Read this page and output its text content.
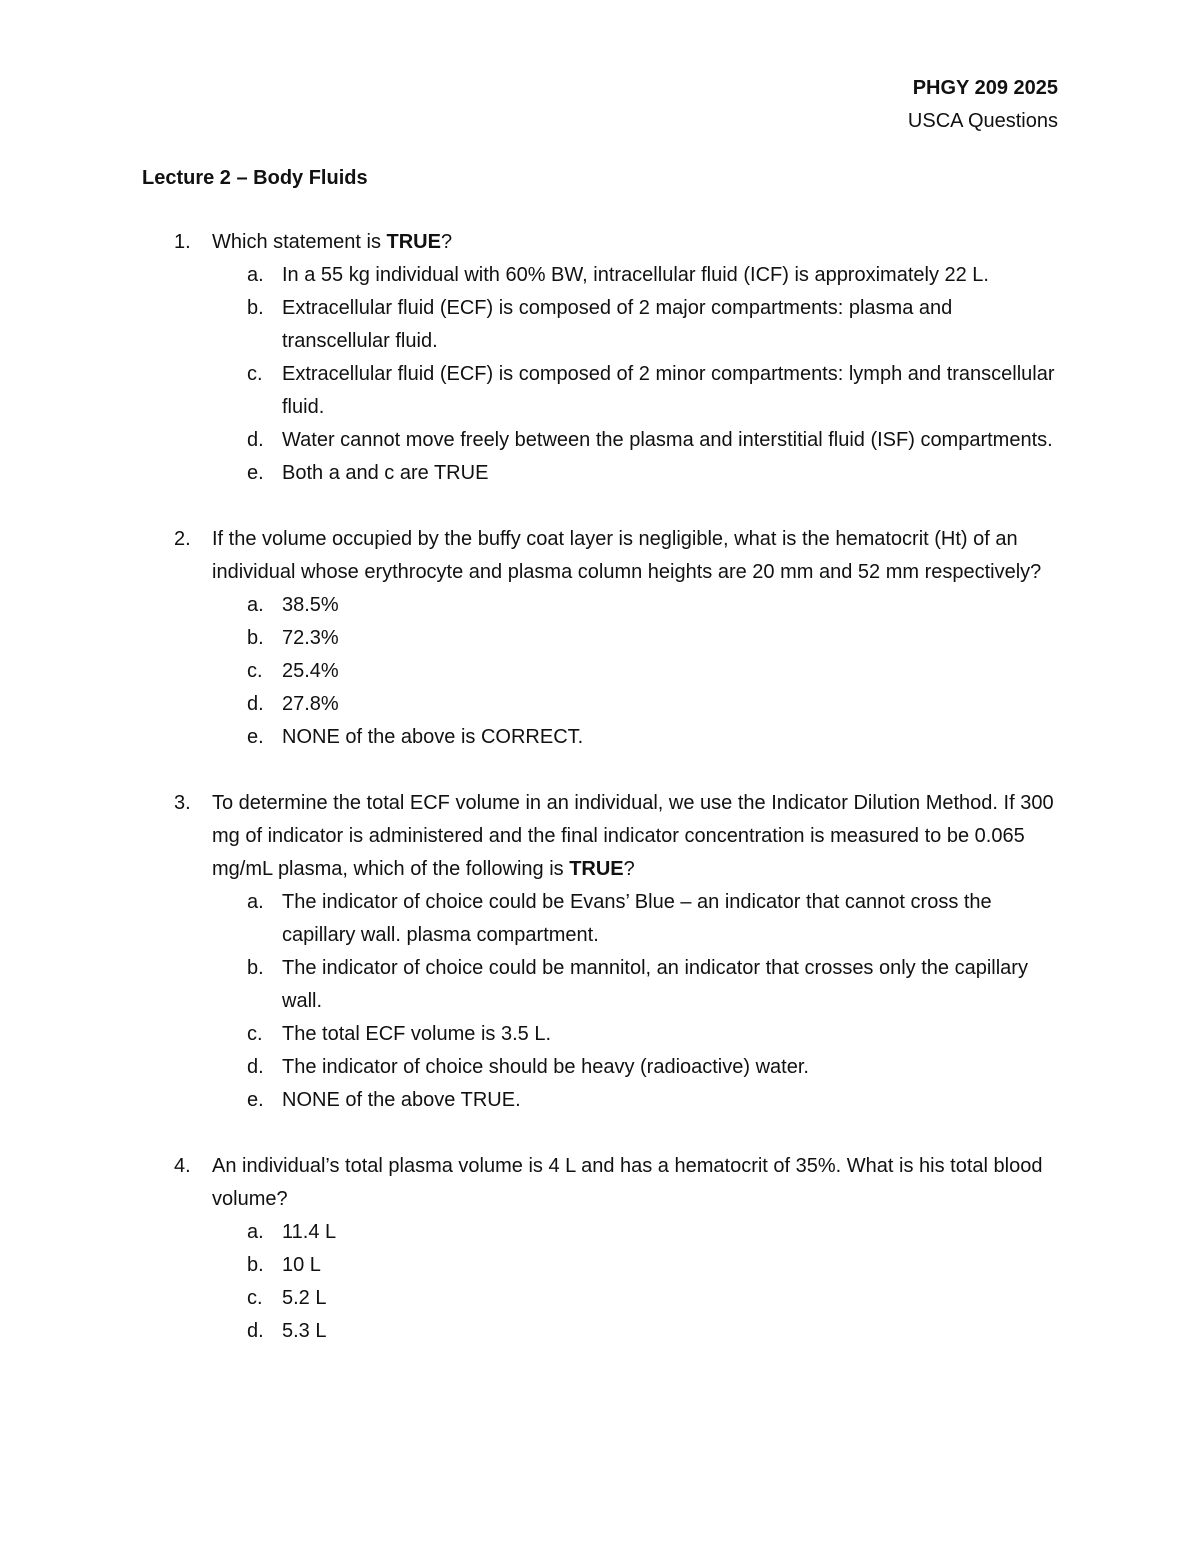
PHGY 209 2025
USCA Questions
Lecture 2 – Body Fluids
1. Which statement is TRUE?
a. In a 55 kg individual with 60% BW, intracellular fluid (ICF) is approximately 22 L.
b. Extracellular fluid (ECF) is composed of 2 major compartments: plasma and transcellular fluid.
c. Extracellular fluid (ECF) is composed of 2 minor compartments: lymph and transcellular fluid.
d. Water cannot move freely between the plasma and interstitial fluid (ISF) compartments.
e. Both a and c are TRUE
2. If the volume occupied by the buffy coat layer is negligible, what is the hematocrit (Ht) of an individual whose erythrocyte and plasma column heights are 20 mm and 52 mm respectively?
a. 38.5%
b. 72.3%
c. 25.4%
d. 27.8%
e. NONE of the above is CORRECT.
3. To determine the total ECF volume in an individual, we use the Indicator Dilution Method. If 300 mg of indicator is administered and the final indicator concentration is measured to be 0.065 mg/mL plasma, which of the following is TRUE?
a. The indicator of choice could be Evans’ Blue – an indicator that cannot cross the capillary wall. plasma compartment.
b. The indicator of choice could be mannitol, an indicator that crosses only the capillary wall.
c. The total ECF volume is 3.5 L.
d. The indicator of choice should be heavy (radioactive) water.
e. NONE of the above TRUE.
4. An individual’s total plasma volume is 4 L and has a hematocrit of 35%. What is his total blood volume?
a. 11.4 L
b. 10 L
c. 5.2 L
d. 5.3 L
